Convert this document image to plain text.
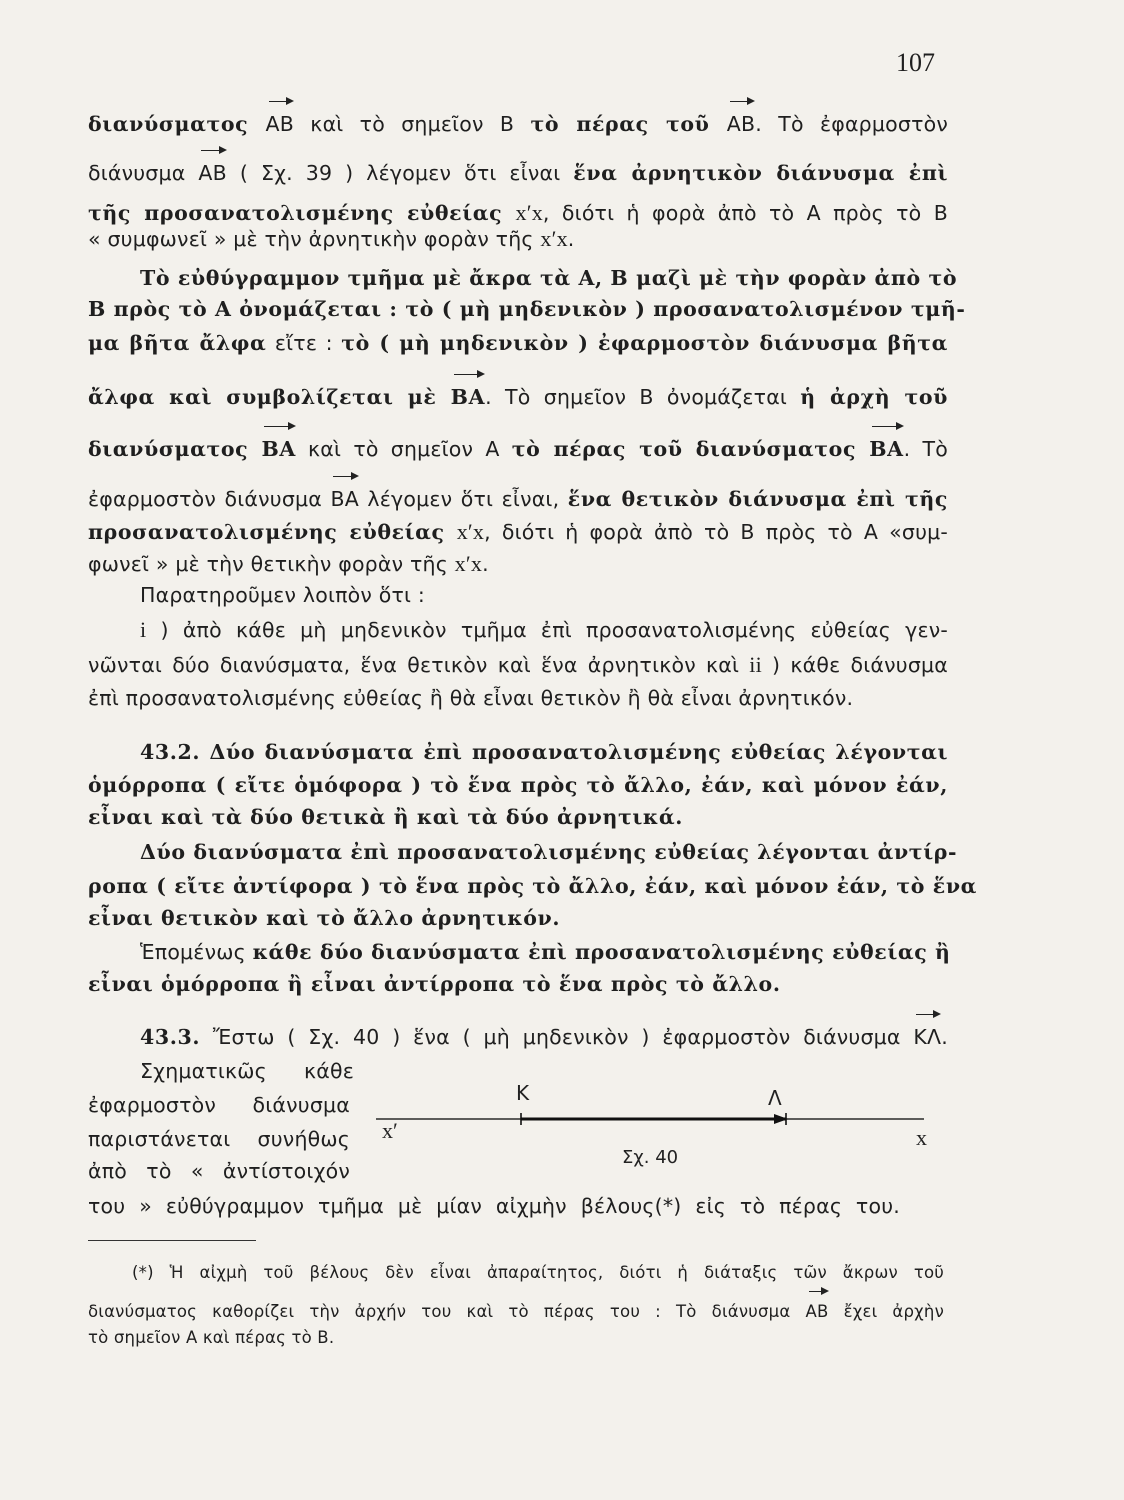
107
διανύσματος AB καὶ τὸ σημεῖον B τὸ πέρας τοῦ AB. Τὸ ἐφαρμοστὸν
διάνυσμα AB ( Σχ. 39 ) λέγομεν ὅτι εἶναι ἕνα ἀρνητικὸν διάνυσμα ἐπὶ
τῆς προσανατολισμένης εὐθείας x′x, διότι ἡ φορὰ ἀπὸ τὸ A πρὸς τὸ B
« συμφωνεῖ » μὲ τὴν ἀρνητικὴν φορὰν τῆς x′x.
Τὸ εὐθύγραμμον τμῆμα μὲ ἄκρα τὰ A, B μαζὶ μὲ τὴν φορὰν ἀπὸ τὸ
B πρὸς τὸ A ὀνομάζεται : τὸ ( μὴ μηδενικὸν ) προσανατολισμένον τμῆ-
μα βῆτα ἄλφα εἴτε : τὸ ( μὴ μηδενικὸν ) ἐφαρμοστὸν διάνυσμα βῆτα
ἄλφα καὶ συμβολίζεται μὲ BA. Τὸ σημεῖον B ὀνομάζεται ἡ ἀρχὴ τοῦ
διανύσματος BA καὶ τὸ σημεῖον A τὸ πέρας τοῦ διανύσματος BA. Τὸ
ἐφαρμοστὸν διάνυσμα BA λέγομεν ὅτι εἶναι, ἕνα θετικὸν διάνυσμα ἐπὶ τῆς
προσανατολισμένης εὐθείας x′x, διότι ἡ φορὰ ἀπὸ τὸ B πρὸς τὸ A «συμ-
φωνεῖ » μὲ τὴν θετικὴν φορὰν τῆς x′x.
Παρατηροῦμεν λοιπὸν ὅτι :
i ) ἀπὸ κάθε μὴ μηδενικὸν τμῆμα ἐπὶ προσανατολισμένης εὐθείας γεν-
νῶνται δύο διανύσματα, ἕνα θετικὸν καὶ ἕνα ἀρνητικὸν καὶ ii ) κάθε διάνυσμα
ἐπὶ προσανατολισμένης εὐθείας ἢ θὰ εἶναι θετικὸν ἢ θὰ εἶναι ἀρνητικόν.
43.2. Δύο διανύσματα ἐπὶ προσανατολισμένης εὐθείας λέγονται
ὁμόρροπα ( εἴτε ὁμόφορα ) τὸ ἕνα πρὸς τὸ ἄλλο, ἐάν, καὶ μόνον ἐάν,
εἶναι καὶ τὰ δύο θετικὰ ἢ καὶ τὰ δύο ἀρνητικά.
Δύο διανύσματα ἐπὶ προσανατολισμένης εὐθείας λέγονται ἀντίρ-
ροπα ( εἴτε ἀντίφορα ) τὸ ἕνα πρὸς τὸ ἄλλο, ἐάν, καὶ μόνον ἐάν, τὸ ἕνα
εἶναι θετικὸν καὶ τὸ ἄλλο ἀρνητικόν.
Ἑπομένως κάθε δύο διανύσματα ἐπὶ προσανατολισμένης εὐθείας ἢ
εἶναι ὁμόρροπα ἢ εἶναι ἀντίρροπα τὸ ἕνα πρὸς τὸ ἄλλο.
43.3. Ἔστω ( Σχ. 40 ) ἕνα ( μὴ μηδενικὸν ) ἐφαρμοστὸν διάνυσμα ΚΛ.
Σχηματικῶς κάθε
ἐφαρμοστὸν διάνυσμα
παριστάνεται συνήθως
ἀπὸ τὸ « ἀντίστοιχόν
του » εὐθύγραμμον τμῆμα μὲ μίαν αἰχμὴν βέλους(*) εἰς τὸ πέρας του.
K	Λ
x′	x
Σχ. 40
(*) Ἡ αἰχμὴ τοῦ βέλους δὲν εἶναι ἀπαραίτητος, διότι ἡ διάταξις τῶν ἄκρων τοῦ
διανύσματος καθορίζει τὴν ἀρχήν του καὶ τὸ πέρας του : Τὸ διάνυσμα AB ἔχει ἀρχὴν
τὸ σημεῖον A καὶ πέρας τὸ B.
